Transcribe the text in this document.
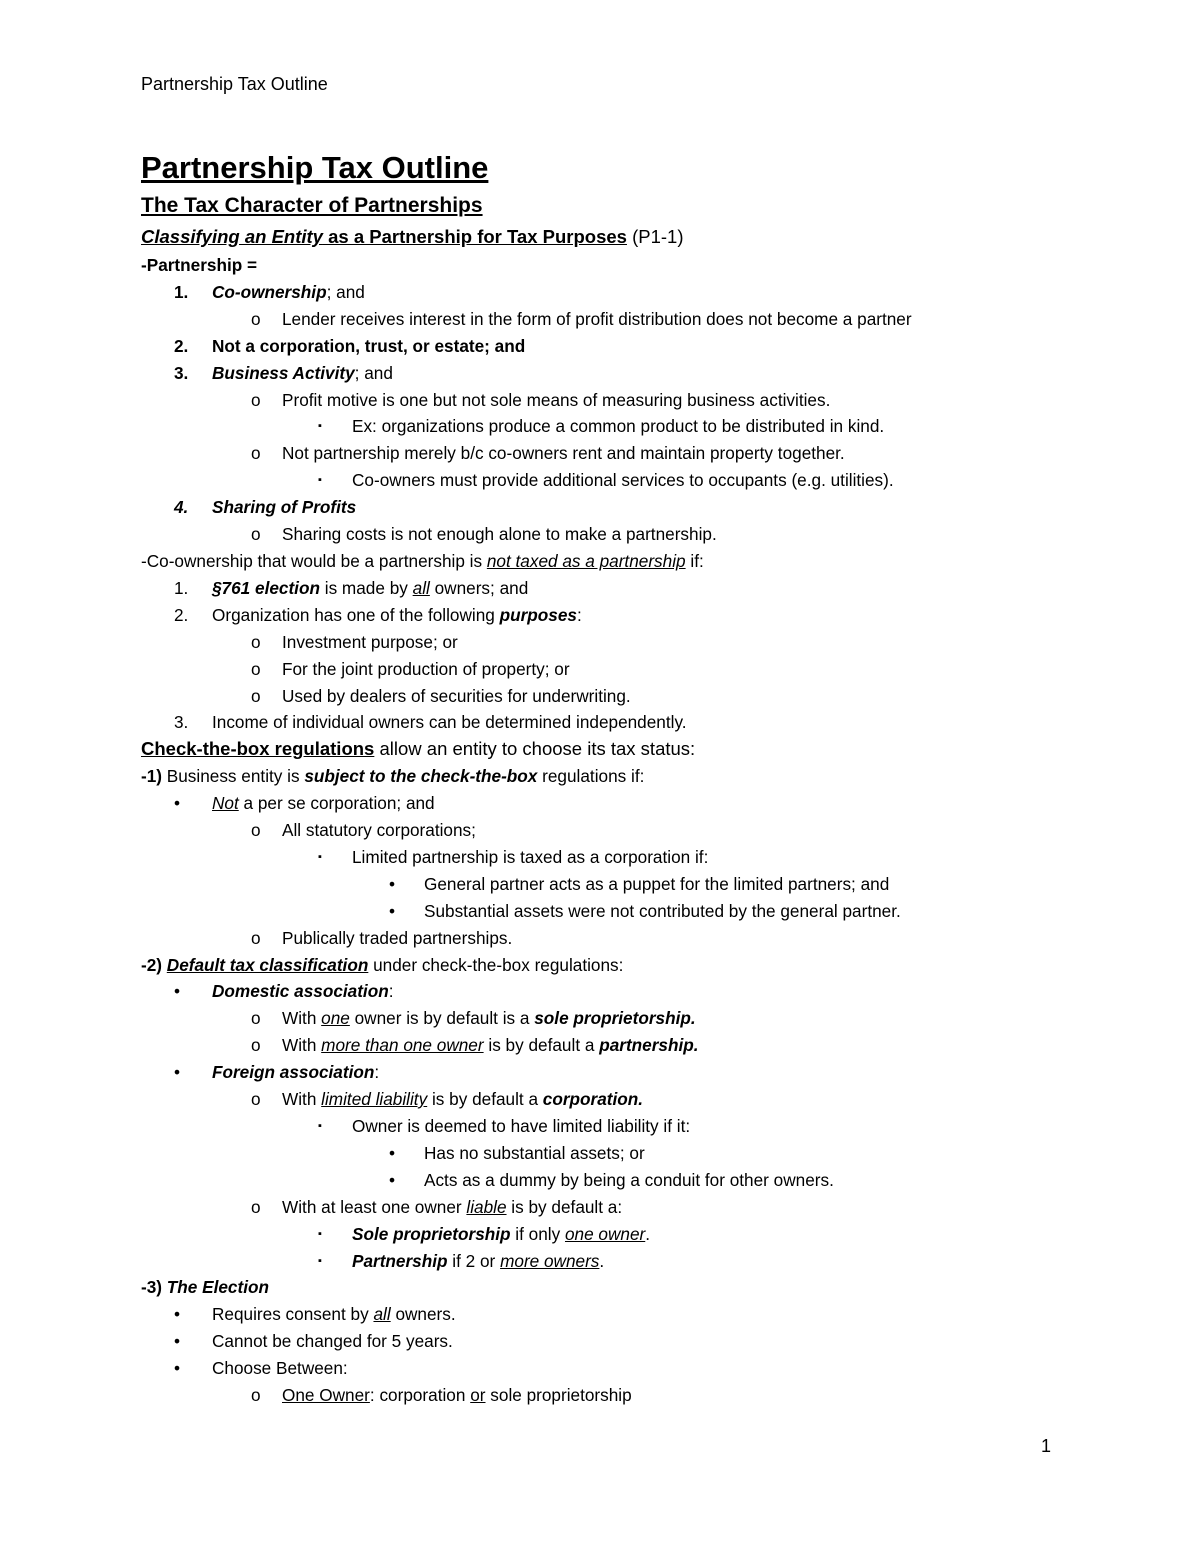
Partnership Tax Outline
Partnership Tax Outline
The Tax Character of Partnerships
Classifying an Entity as a Partnership for Tax Purposes (P1-1)
-Partnership =
1. Co-ownership; and
o Lender receives interest in the form of profit distribution does not become a partner
2. Not a corporation, trust, or estate; and
3. Business Activity; and
o Profit motive is one but not sole means of measuring business activities.
▪ Ex: organizations produce a common product to be distributed in kind.
o Not partnership merely b/c co-owners rent and maintain property together.
▪ Co-owners must provide additional services to occupants (e.g. utilities).
4. Sharing of Profits
o Sharing costs is not enough alone to make a partnership.
-Co-ownership that would be a partnership is not taxed as a partnership if:
1. §761 election is made by all owners; and
2. Organization has one of the following purposes:
o Investment purpose; or
o For the joint production of property; or
o Used by dealers of securities for underwriting.
3. Income of individual owners can be determined independently.
Check-the-box regulations allow an entity to choose its tax status:
-1) Business entity is subject to the check-the-box regulations if:
• Not a per se corporation; and
o All statutory corporations;
▪ Limited partnership is taxed as a corporation if:
• General partner acts as a puppet for the limited partners; and
• Substantial assets were not contributed by the general partner.
o Publically traded partnerships.
-2) Default tax classification under check-the-box regulations:
• Domestic association:
o With one owner is by default is a sole proprietorship.
o With more than one owner is by default a partnership.
• Foreign association:
o With limited liability is by default a corporation.
▪ Owner is deemed to have limited liability if it:
• Has no substantial assets; or
• Acts as a dummy by being a conduit for other owners.
o With at least one owner liable is by default a:
▪ Sole proprietorship if only one owner.
▪ Partnership if 2 or more owners.
-3) The Election
• Requires consent by all owners.
• Cannot be changed for 5 years.
• Choose Between:
o One Owner: corporation or sole proprietorship
1
